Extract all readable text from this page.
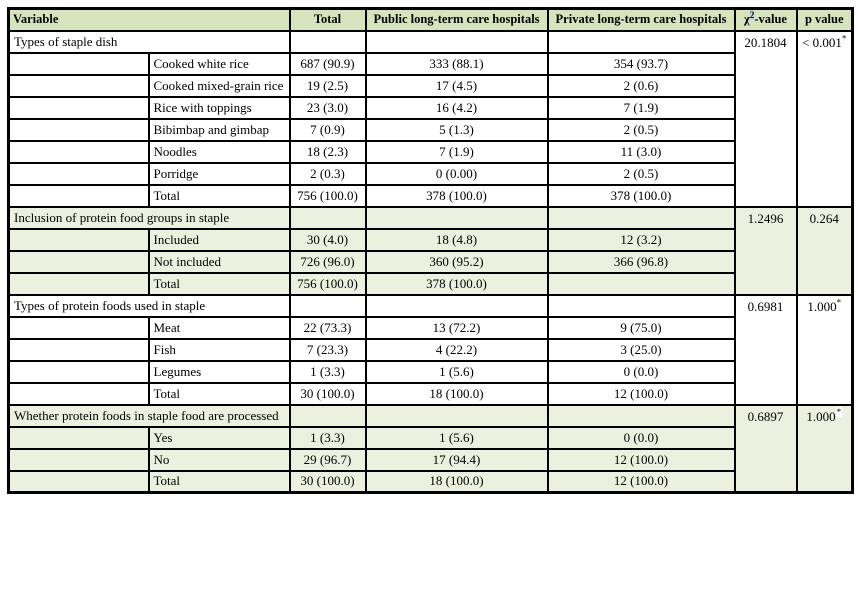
Variable		Total	Public long-term care hospitals	Private long-term care hospitals	$\chi^2$-value	p value
Types of staple dish					20.1804	< 0.001*
	Cooked white rice	687 (90.9)	333 (88.1)	354 (93.7)		
	Cooked mixed-grain rice	19 (2.5)	17 (4.5)	2 (0.6)		
	Rice with toppings	23 (3.0)	16 (4.2)	7 (1.9)		
	Bibimbap and gimbap	7 (0.9)	5 (1.3)	2 (0.5)		
	Noodles	18 (2.3)	7 (1.9)	11 (3.0)		
	Porridge	2 (0.3)	0 (0.00)	2 (0.5)		
	Total	756 (100.0)	378 (100.0)	378 (100.0)		
Inclusion of protein food groups in staple					1.2496	0.264
	Included	30 (4.0)	18 (4.8)	12 (3.2)		
	Not included	726 (96.0)	360 (95.2)	366 (96.8)		
	Total	756 (100.0)	378 (100.0)			
Types of protein foods used in staple					0.6981	1.000*
	Meat	22 (73.3)	13 (72.2)	9 (75.0)		
	Fish	7 (23.3)	4 (22.2)	3 (25.0)		
	Legumes	1 (3.3)	1 (5.6)	0 (0.0)		
	Total	30 (100.0)	18 (100.0)	12 (100.0)		
Whether protein foods in staple food are processed					0.6897	1.000*
	Yes	1 (3.3)	1 (5.6)	0 (0.0)		
	No	29 (96.7)	17 (94.4)	12 (100.0)		
	Total	30 (100.0)	18 (100.0)	12 (100.0)		
